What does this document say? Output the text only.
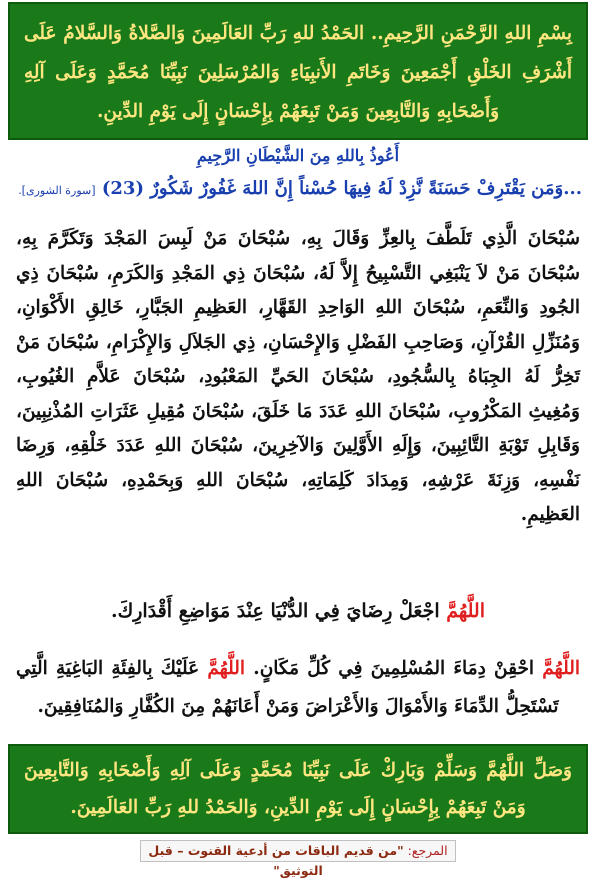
بِسْمِ اللهِ الرَّحْمَنِ الرَّحِيمِ.. الحَمْدُ للهِ رَبِّ العَالَمِينَ وَالصَّلاةُ وَالسَّلامُ عَلَى أَشْرَفِ الخَلْقِ أَجْمَعِينَ وَخَاتَمِ الأَنبِيَاءِ وَالمُرْسَلِينَ نَبِيِّنَا مُحَمَّدٍ وَعَلَى آلِهِ وَأَصْحَابِهِ وَالتَّابِعِينَ وَمَنْ تَبِعَهُمْ بِإِحْسَانٍ إِلَى يَوْمِ الدِّينِ.

أَعُوذُ بِاللهِ مِنَ الشَّيْطَانِ الرَّجِيمِ

...وَمَن يَقْتَرِفْ حَسَنَةً نَّزِدْ لَهُ فِيهَا حُسْناً إِنَّ اللهَ غَفُورٌ شَكُورٌ (23) [سورة الشورى].

سُبْحَانَ الَّذِي تَلَطَّفَ بِالعِزِّ وَقَالَ بِهِ، سُبْحَانَ مَنْ لَبِسَ المَجْدَ وَتَكَرَّمَ بِهِ، سُبْحَانَ مَنْ لاَ يَنْبَغِي التَّسْبِيحُ إِلاَّ لَهُ، سُبْحَانَ ذِي المَجْدِ وَالكَرَمِ، سُبْحَانَ ذِي الجُودِ وَالنِّعَمِ، سُبْحَانَ اللهِ الوَاحِدِ القَهَّارِ، العَظِيمِ الجَبَّارِ، خَالِقِ الأَكْوَانِ، وَمُنَزِّلِ القُرْآنِ، وَصَاحِبِ الفَضْلِ وَالإِحْسَانِ، ذِي الجَلاَلِ وَالإِكْرَامِ، سُبْحَانَ مَنْ تَخِرُّ لَهُ الجِبَاهُ بِالسُّجُودِ، سُبْحَانَ الحَيِّ المَعْبُودِ، سُبْحَانَ عَلاَّمِ الغُيُوبِ، وَمُغِيثِ المَكْرُوبِ، سُبْحَانَ اللهِ عَدَدَ مَا خَلَقَ، سُبْحَانَ مُقِيلِ عَثَرَاتِ المُذْنِبِينَ، وَقَابِلِ تَوْبَةِ التَّائِبِينَ، وَإِلَهِ الأَوَّلِينَ وَالآخِرِينَ، سُبْحَانَ اللهِ عَدَدَ خَلْقِهِ، وَرِضَا نَفْسِهِ، وَزِنَةَ عَرْشِهِ، وَمِدَادَ كَلِمَاتِهِ، سُبْحَانَ اللهِ وَبِحَمْدِهِ، سُبْحَانَ اللهِ العَظِيمِ.

اللَّهُمَّ اجْعَلْ رِضَايَ فِي الدُّنْيَا عِنْدَ مَوَاضِعِ أَقْدَارِكَ.

اللَّهُمَّ احْقِنْ دِمَاءَ المُسْلِمِينَ فِي كُلِّ مَكَانٍ. اللَّهُمَّ عَلَيْكَ بِالفِئَةِ البَاغِيَةِ الَّتِي تَسْتَحِلُّ الدِّمَاءَ وَالأَمْوَالَ وَالأَعْرَاضَ وَمَنْ أَعَانَهُمْ مِنَ الكُفَّارِ وَالمُنَافِقِينَ.

وَصَلِّ اللَّهُمَّ وَسَلِّمْ وَبَارِكْ عَلَى نَبِيِّنَا مُحَمَّدٍ وَعَلَى آلِهِ وَأَصْحَابِهِ وَالتَّابِعِينَ وَمَنْ تَبِعَهُمْ بِإِحْسَانٍ إِلَى يَوْمِ الدِّينِ، وَالحَمْدُ للهِ رَبِّ العَالَمِينَ.

المرجع: "من قديم الباقات من أدعية القنوت – قبل التوثيق"
